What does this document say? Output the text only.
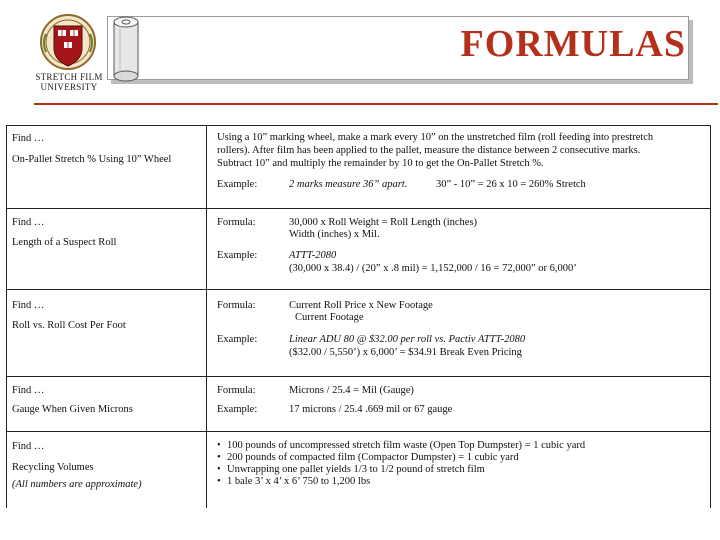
STRETCH FILM
UNIVERSITY
FORMULAS
Find …
On-Pallet Stretch % Using 10” Wheel
Using a 10” marking wheel, make a mark every 10” on the unstretched film (roll feeding into prestretch
rollers). After film has been applied to the pallet, measure the distance between 2 consecutive marks.
Subtract 10” and multiply the remainder by 10 to get the On-Pallet Stretch %.
Example:	2 marks measure 36” apart.	30” - 10” = 26 x 10 = 260% Stretch
Find …
Length of a Suspect Roll
Formula:	30,000 x Roll Weight = Roll Length (inches)
Width (inches) x Mil.
Example:	ATTT-2080
(30,000 x 38.4) / (20” x .8 mil) = 1,152,000 / 16 = 72,000” or 6,000’
Find …
Roll vs. Roll Cost Per Foot
Formula:	Current Roll Price x New Footage
Current Footage
Example:	Linear ADU 80 @ $32.00 per roll vs. Pactiv ATTT-2080
($32.00 / 5,550’) x 6,000’ = $34.91 Break Even Pricing
Find …
Gauge When Given Microns
Formula:	Microns / 25.4 = Mil (Gauge)
Example:	17 microns / 25.4 .669 mil or 67 gauge
Find …
Recycling Volumes
(All numbers are approximate)
• 100 pounds of uncompressed stretch film waste (Open Top Dumpster) = 1 cubic yard
• 200 pounds of compacted film (Compactor Dumpster) = 1 cubic yard
• Unwrapping one pallet yields 1/3 to 1/2 pound of stretch film
• 1 bale 3’ x 4’ x 6’ 750 to 1,200 lbs
